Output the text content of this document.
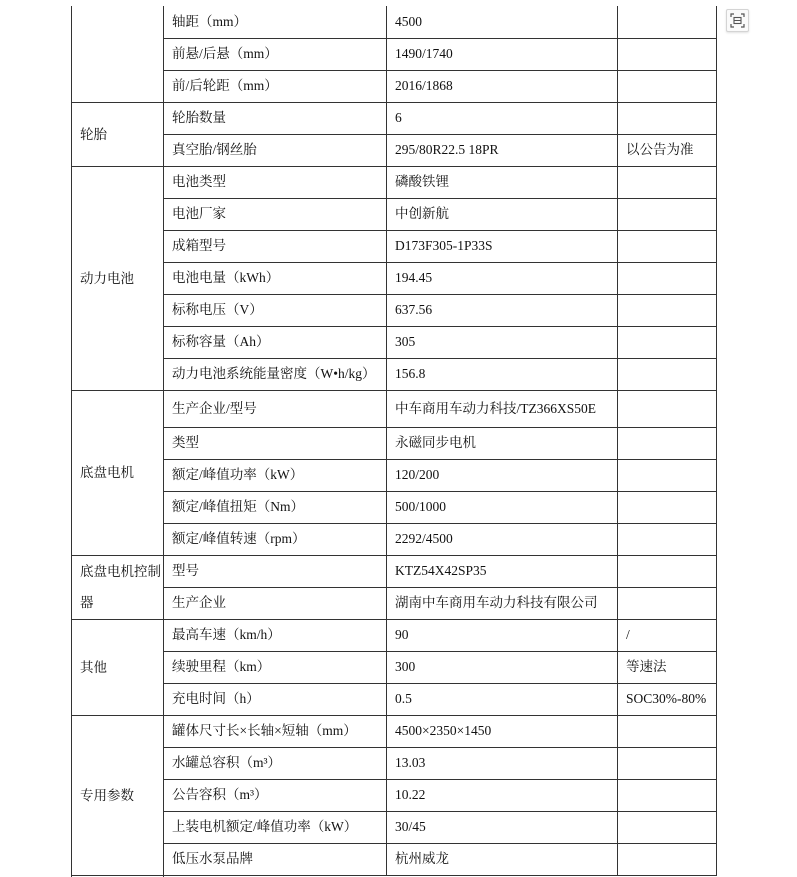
	轴距（mm）	4500	
	前悬/后悬（mm）	1490/1740	
	前/后轮距（mm）	2016/1868	
轮胎	轮胎数量	6	
	真空胎/钢丝胎	295/80R22.5 18PR	以公告为准
动力电池	电池类型	磷酸铁锂	
	电池厂家	中创新航	
	成箱型号	D173F305-1P33S	
	电池电量（kWh）	194.45	
	标称电压（V）	637.56	
	标称容量（Ah）	305	
	动力电池系统能量密度（W•h/kg）	156.8	
底盘电机	生产企业/型号	中车商用车动力科技/TZ366XS50E	
	类型	永磁同步电机	
	额定/峰值功率（kW）	120/200	
	额定/峰值扭矩（Nm）	500/1000	
	额定/峰值转速（rpm）	2292/4500	
底盘电机控制器	型号	KTZ54X42SP35	
	生产企业	湖南中车商用车动力科技有限公司	
其他	最高车速（km/h）	90	/
	续驶里程（km）	300	等速法
	充电时间（h）	0.5	SOC30%-80%
专用参数	罐体尺寸长×长轴×短轴（mm）	4500×2350×1450	
	水罐总容积（m³）	13.03	
	公告容积（m³）	10.22	
	上装电机额定/峰值功率（kW）	30/45	
	低压水泵品牌	杭州威龙	
